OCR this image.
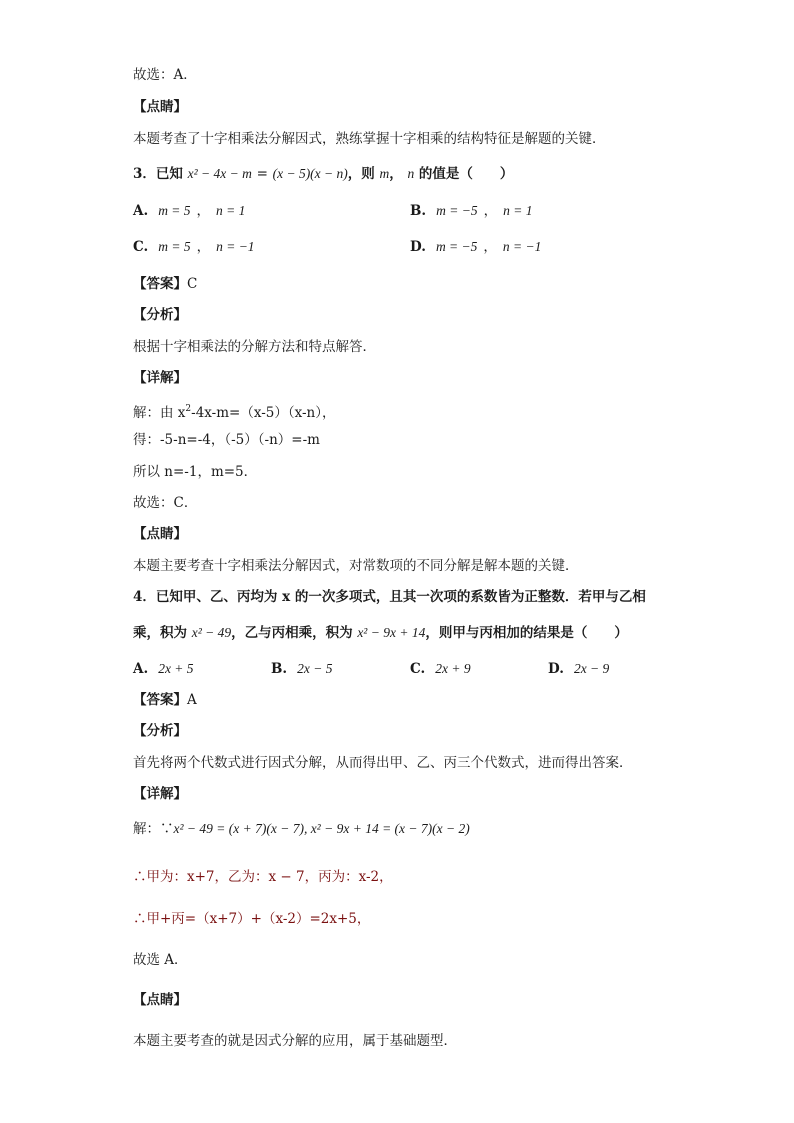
故选：A．
【点睛】
本题考查了十字相乘法分解因式，熟练掌握十字相乘的结构特征是解题的关键．
3．已知 x² − 4x − m = (x − 5)(x − n)，则 m， n 的值是（　　）
A. m = 5 ， n = 1	B. m = −5 ， n = 1
C. m = 5 ， n = −1	D. m = −5 ， n = −1
【答案】C
【分析】
根据十字相乘法的分解方法和特点解答．
【详解】
解：由 $x^2-4x-m=(x-5)(x-n)$，
得：-5-n=-4，（-5）（-n）=-m
所以 n=-1，m=5．
故选：C．
【点睛】
本题主要考查十字相乘法分解因式，对常数项的不同分解是解本题的关键．
4．已知甲、乙、丙均为 x 的一次多项式，且其一次项的系数皆为正整数．若甲与乙相
乘，积为 x² − 49，乙与丙相乘，积为 x² − 9x + 14，则甲与丙相加的结果是（　　）
A. 2x + 5	B. 2x − 5	C. 2x + 9	D. 2x − 9
【答案】A
【分析】
首先将两个代数式进行因式分解，从而得出甲、乙、丙三个代数式，进而得出答案．
【详解】
解：∵x² − 49 = (x + 7)(x − 7), x² − 9x + 14 = (x − 7)(x − 2)
∴甲为：x+7，乙为：x − 7，丙为：x-2，
∴甲+丙=（x+7）+（x-2）=2x+5，
故选 A．
【点睛】
本题主要考查的就是因式分解的应用，属于基础题型．
